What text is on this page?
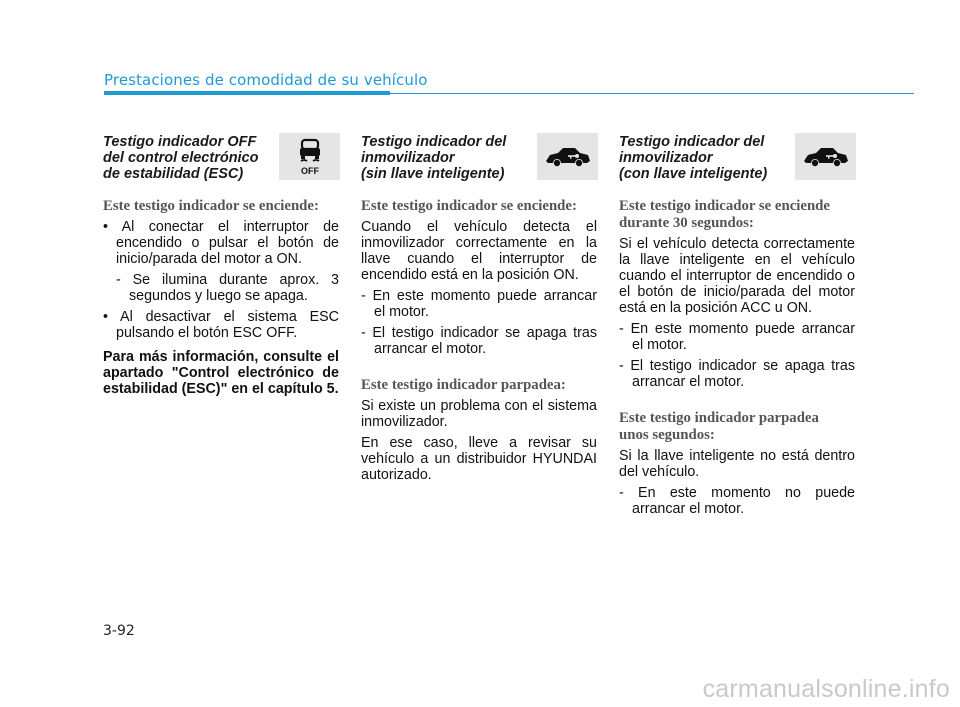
Prestaciones de comodidad de su vehículo
Testigo indicador OFF
del control electrónico
de estabilidad (ESC)	OFF
Este testigo indicador se enciende:
• Al conectar el interruptor de encendido o pulsar el botón de inicio/parada del motor a ON.
- Se ilumina durante aprox. 3 segundos y luego se apaga.
• Al desactivar el sistema ESC pulsando el botón ESC OFF.

Para más información, consulte el apartado "Control electrónico de estabilidad (ESC)" en el capítulo 5.

Testigo indicador del
inmovilizador
(sin llave inteligente)
Este testigo indicador se enciende:

Cuando el vehículo detecta el inmovilizador correctamente en la llave cuando el interruptor de encendido está en la posición ON.

- En este momento puede arrancar el motor.
- El testigo indicador se apaga tras arrancar el motor.
Este testigo indicador parpadea:

Si existe un problema con el sistema inmovilizador.

En ese caso, lleve a revisar su vehículo a un distribuidor HYUNDAI autorizado.

Testigo indicador del
inmovilizador
(con llave inteligente)
Este testigo indicador se enciende
durante 30 segundos:

Si el vehículo detecta correctamente la llave inteligente en el vehículo cuando el interruptor de encendido o el botón de inicio/parada del motor está en la posición ACC u ON.

- En este momento puede arrancar el motor.
- El testigo indicador se apaga tras arrancar el motor.
Este testigo indicador parpadea
unos segundos:

Si la llave inteligente no está dentro del vehículo.

- En este momento no puede arrancar el motor.
3-92
carmanualsonline.info
